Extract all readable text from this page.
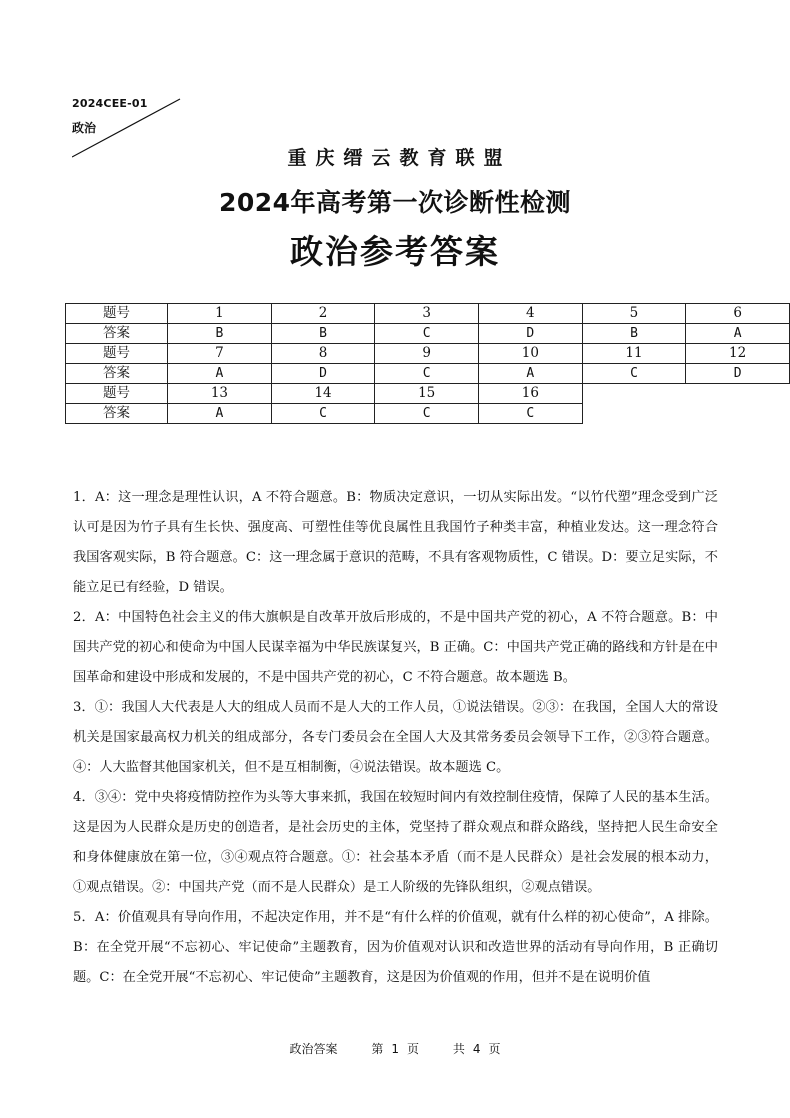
2024CEE-01
政治
重庆缙云教育联盟
2024年高考第一次诊断性检测
政治参考答案
题号	1	2	3	4	5	6
答案	B	B	C	D	B	A
题号	7	8	9	10	11	12
答案	A	D	C	A	C	D
题号	13	14	15	16		
答案	A	C	C	C		

1．A：这一理念是理性认识，A 不符合题意。B：物质决定意识，一切从实际出发。“以竹代塑”理念受到广泛认可是因为竹子具有生长快、强度高、可塑性佳等优良属性且我国竹子种类丰富，种植业发达。这一理念符合我国客观实际，B 符合题意。C：这一理念属于意识的范畴，不具有客观物质性，C 错误。D：要立足实际，不能立足已有经验，D 错误。

2．A：中国特色社会主义的伟大旗帜是自改革开放后形成的，不是中国共产党的初心，A 不符合题意。B：中国共产党的初心和使命为中国人民谋幸福为中华民族谋复兴，B 正确。C：中国共产党正确的路线和方针是在中国革命和建设中形成和发展的，不是中国共产党的初心，C 不符合题意。故本题选 B。

3．①：我国人大代表是人大的组成人员而不是人大的工作人员，①说法错误。②③：在我国，全国人大的常设机关是国家最高权力机关的组成部分，各专门委员会在全国人大及其常务委员会领导下工作，②③符合题意。④：人大监督其他国家机关，但不是互相制衡，④说法错误。故本题选 C。

4．③④：党中央将疫情防控作为头等大事来抓，我国在较短时间内有效控制住疫情，保障了人民的基本生活。这是因为人民群众是历史的创造者，是社会历史的主体，党坚持了群众观点和群众路线，坚持把人民生命安全和身体健康放在第一位，③④观点符合题意。①：社会基本矛盾（而不是人民群众）是社会发展的根本动力，①观点错误。②：中国共产党（而不是人民群众）是工人阶级的先锋队组织，②观点错误。

5．A：价值观具有导向作用，不起决定作用，并不是“有什么样的价值观，就有什么样的初心使命”，A 排除。B：在全党开展“不忘初心、牢记使命”主题教育，因为价值观对认识和改造世界的活动有导向作用，B 正确切题。C：在全党开展“不忘初心、牢记使命”主题教育，这是因为价值观的作用，但并不是在说明价值

政治答案	第 1 页	共 4 页
